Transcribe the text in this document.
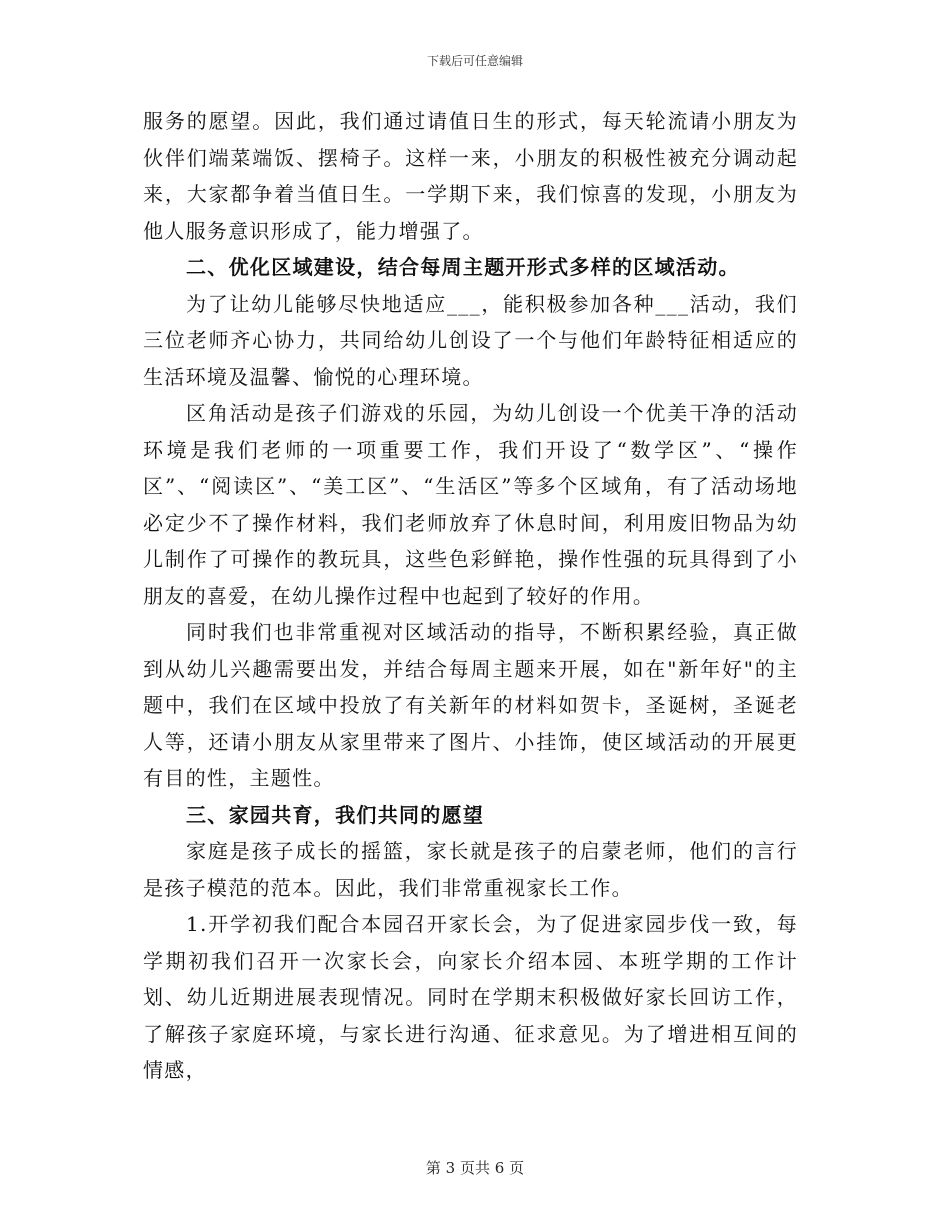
下载后可任意编辑

服务的愿望。因此，我们通过请值日生的形式，每天轮流请小朋友为伙伴们端菜端饭、摆椅子。这样一来，小朋友的积极性被充分调动起来，大家都争着当值日生。一学期下来，我们惊喜的发现，小朋友为他人服务意识形成了，能力增强了。

二、优化区域建设，结合每周主题开形式多样的区域活动。

为了让幼儿能够尽快地适应___，能积极参加各种___活动，我们三位老师齐心协力，共同给幼儿创设了一个与他们年龄特征相适应的生活环境及温馨、愉悦的心理环境。

区角活动是孩子们游戏的乐园，为幼儿创设一个优美干净的活动环境是我们老师的一项重要工作，我们开设了“数学区”、“操作区”、“阅读区”、“美工区”、“生活区”等多个区域角，有了活动场地必定少不了操作材料，我们老师放弃了休息时间，利用废旧物品为幼儿制作了可操作的教玩具，这些色彩鲜艳，操作性强的玩具得到了小朋友的喜爱，在幼儿操作过程中也起到了较好的作用。

同时我们也非常重视对区域活动的指导，不断积累经验，真正做到从幼儿兴趣需要出发，并结合每周主题来开展，如在"新年好"的主题中，我们在区域中投放了有关新年的材料如贺卡，圣诞树，圣诞老人等，还请小朋友从家里带来了图片、小挂饰，使区域活动的开展更有目的性，主题性。

三、家园共育，我们共同的愿望

家庭是孩子成长的摇篮，家长就是孩子的启蒙老师，他们的言行是孩子模范的范本。因此，我们非常重视家长工作。

1.开学初我们配合本园召开家长会，为了促进家园步伐一致，每学期初我们召开一次家长会，向家长介绍本园、本班学期的工作计划、幼儿近期进展表现情况。同时在学期末积极做好家长回访工作，了解孩子家庭环境，与家长进行沟通、征求意见。为了增进相互间的情感，

第 3 页共 6 页
